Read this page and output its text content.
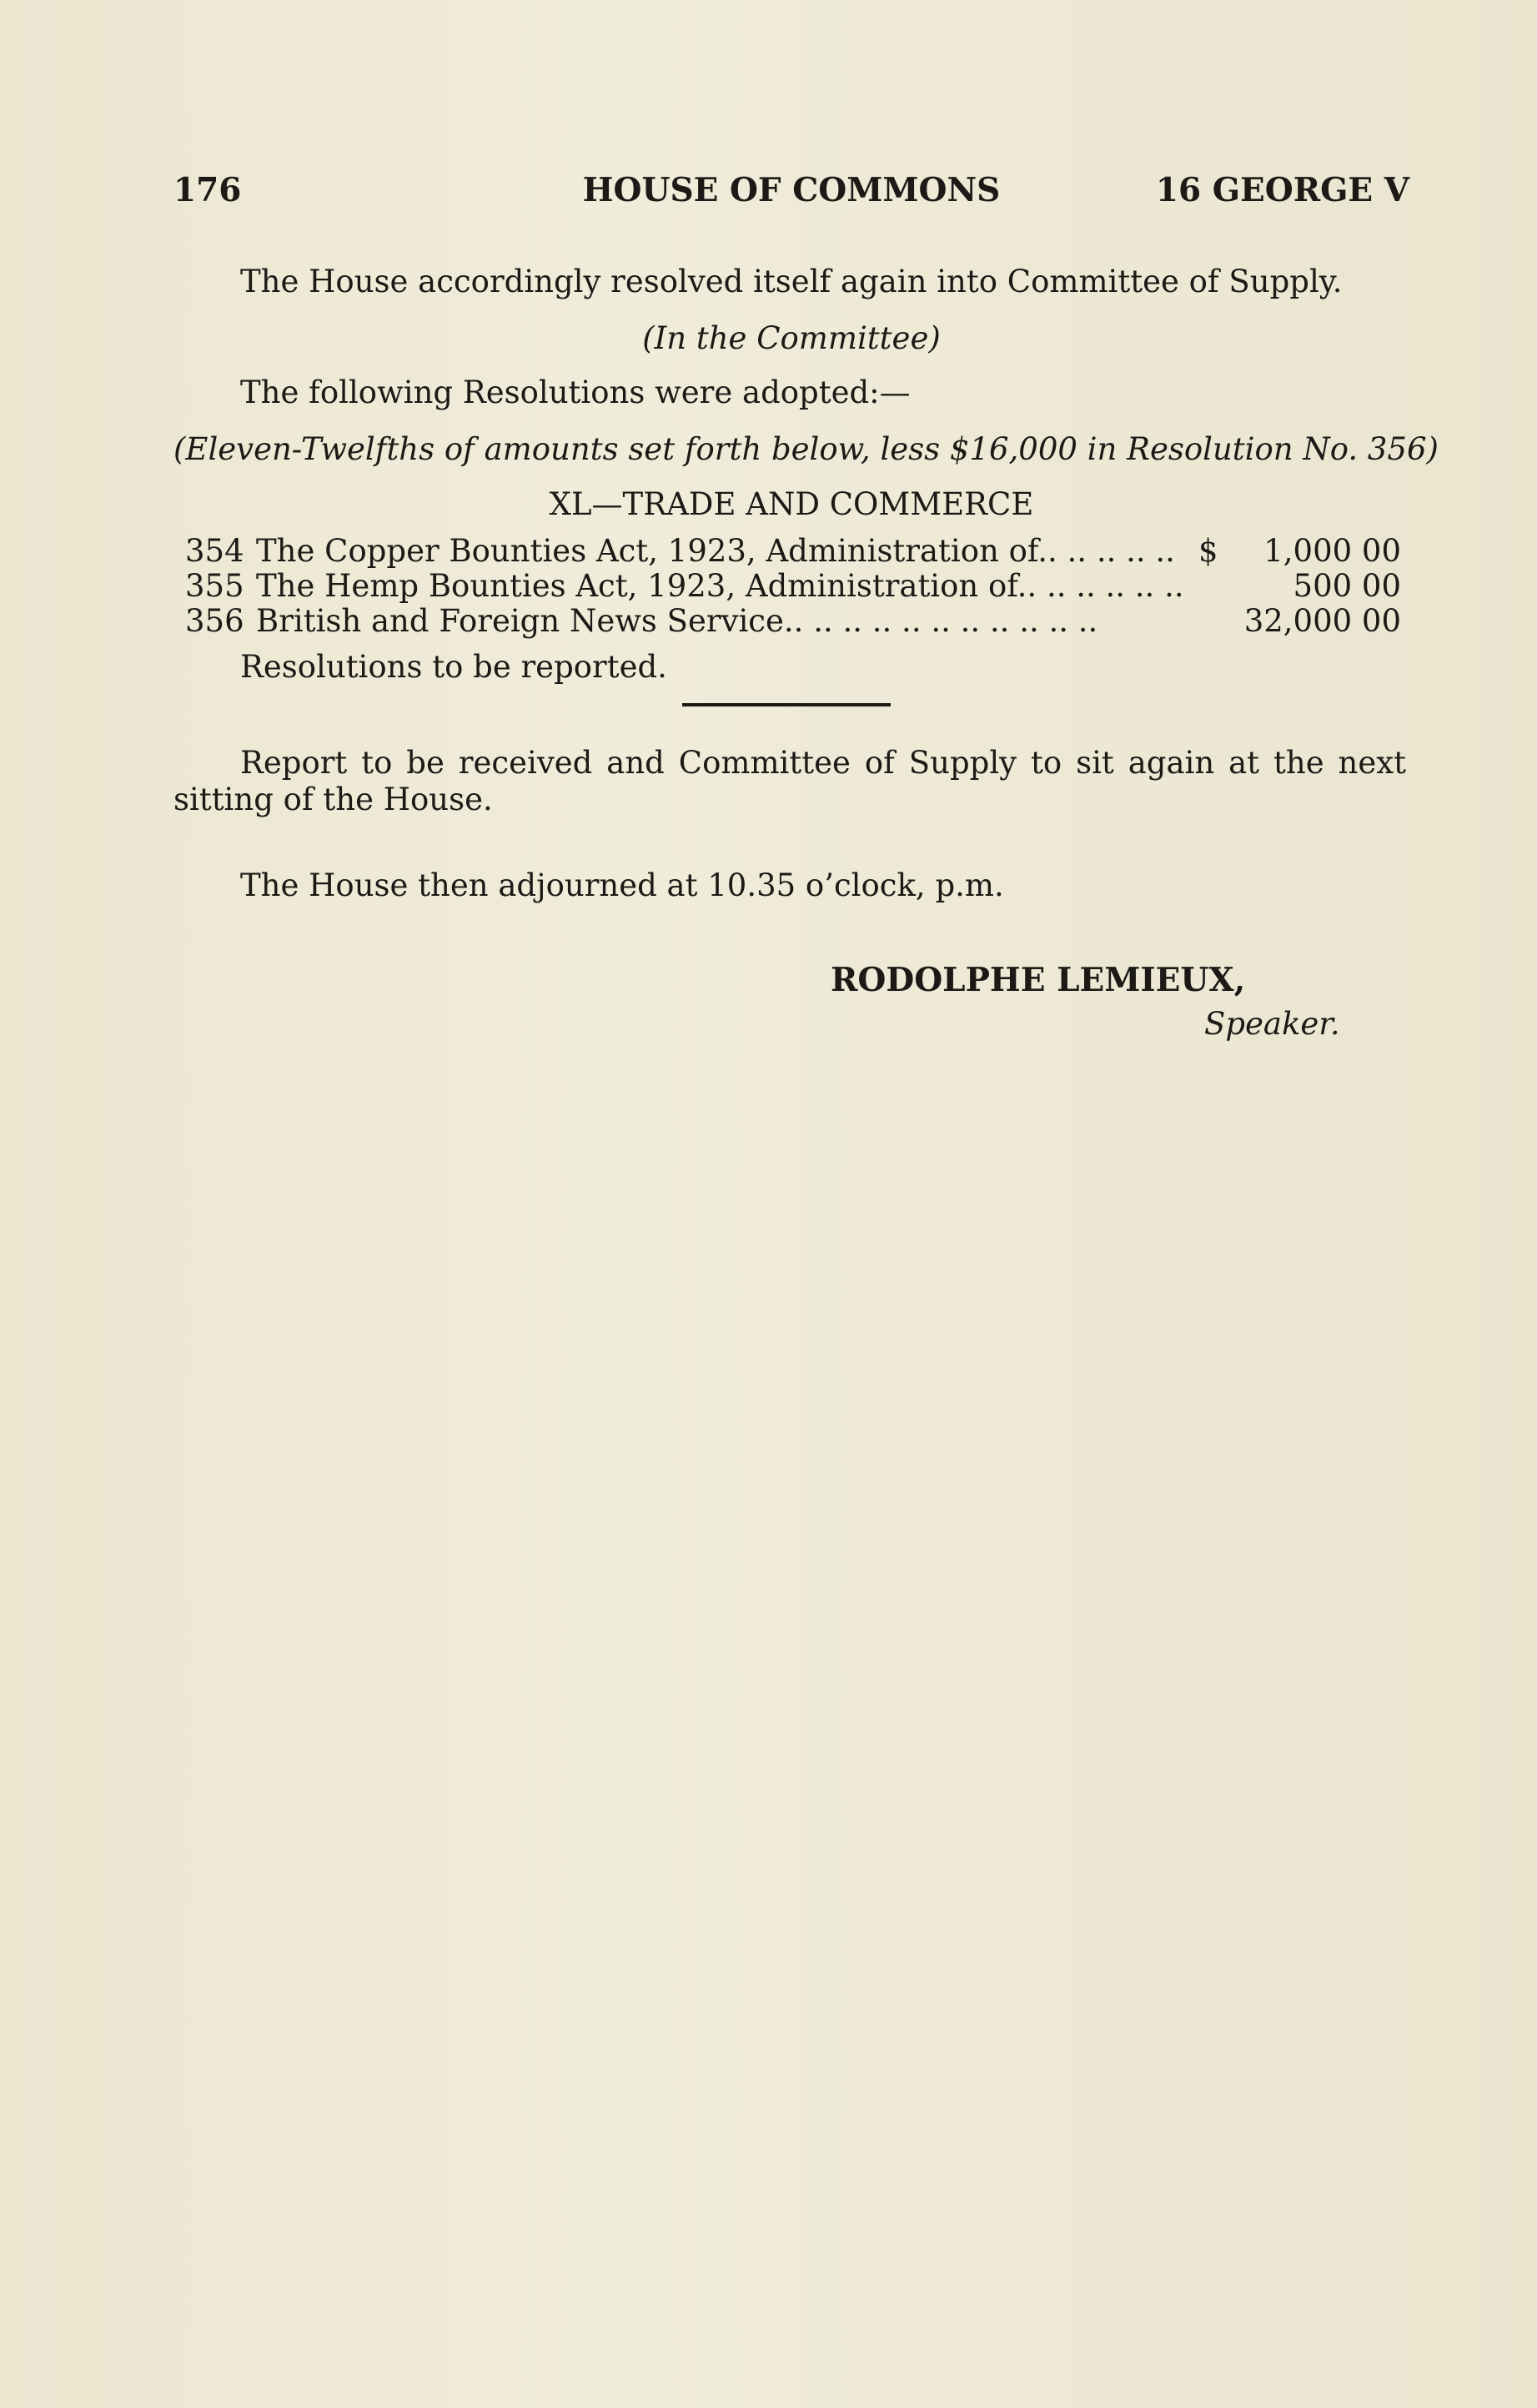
176	HOUSE OF COMMONS	16 GEORGE V
The House accordingly resolved itself again into Committee of Supply.
(In the Committee)
The following Resolutions were adopted:—
(Eleven-Twelfths of amounts set forth below, less $16,000 in Resolution No. 356)
XL—TRADE AND COMMERCE
354 The Copper Bounties Act, 1923, Administration of.. .. .. .. .. $ 1,000 00
355 The Hemp Bounties Act, 1923, Administration of.. .. .. .. .. ..	500 00
356 British and Foreign News Service.. .. .. .. .. .. .. .. .. .. ..	32,000 00
Resolutions to be reported.
Report to be received and Committee of Supply to sit again at the next sitting of the House.
The House then adjourned at 10.35 o’clock, p.m.
RODOLPHE LEMIEUX,
Speaker.
